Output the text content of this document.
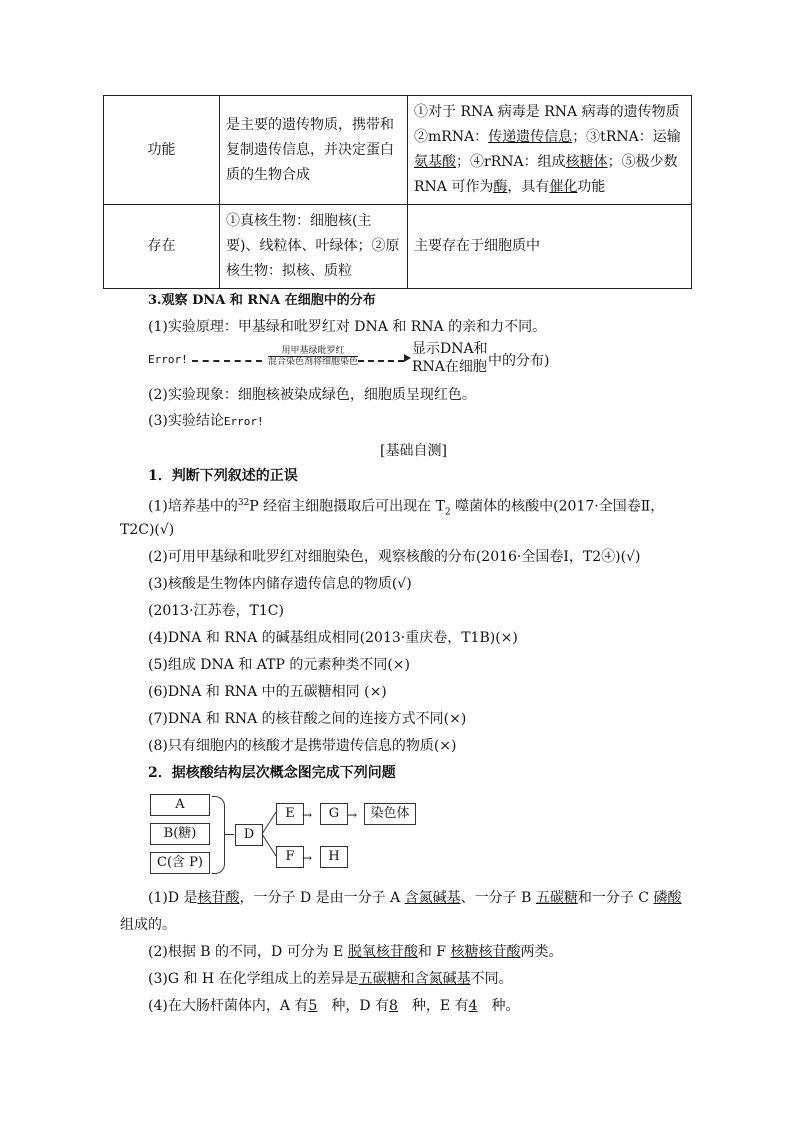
功能	是主要的遗传物质，携带和复制遗传信息，并决定蛋白质的生物合成	①对于 RNA 病毒是 RNA 病毒的遗传物质②mRNA：传递遗传信息；③tRNA：运输氨基酸；④rRNA：组成核糖体；⑤极少数 RNA 可作为酶，具有催化功能
存在	①真核生物：细胞核(主要)、线粒体、叶绿体；②原核生物：拟核、质粒	主要存在于细胞质中
3.观察 DNA 和 RNA 在细胞中的分布
(1)实验原理：甲基绿和吡罗红对 DNA 和 RNA 的亲和力不同。
Error!
用甲基绿吡罗红
混合染色剂将细胞染色
显示DNA和
RNA在细胞 中的分布)
(2)实验现象：细胞核被染成绿色，细胞质呈现红色。
(3)实验结论Error!
[基础自测]
1．判断下列叙述的正误
(1)培养基中的$^{32}$P 经宿主细胞摄取后可出现在 $T_2$ 噬菌体的核酸中(2017·全国卷Ⅱ，
T2C)(√)
(2)可用甲基绿和吡罗红对细胞染色，观察核酸的分布(2016·全国卷Ⅰ，T2④)(√)
(3)核酸是生物体内储存遗传信息的物质(√)
(2013·江苏卷，T1C)
(4)DNA 和 RNA 的碱基组成相同(2013·重庆卷，T1B)(×)
(5)组成 DNA 和 ATP 的元素种类不同(×)
(6)DNA 和 RNA 中的五碳糖相同 (×)
(7)DNA 和 RNA 的核苷酸之间的连接方式不同(×)
(8)只有细胞内的核酸才是携带遗传信息的物质(×)
2．据核酸结构层次概念图完成下列问题
A
B(糖)
C(含 P)
D
E →	G →	染色体
F →	H
(1)D 是核苷酸，一分子 D 是由一分子 A 含氮碱基、一分子 B 五碳糖和一分子 C 磷酸
组成的。
(2)根据 B 的不同，D 可分为 E 脱氧核苷酸和 F 核糖核苷酸两类。
(3)G 和 H 在化学组成上的差异是五碳糖和含氮碱基不同。
(4)在大肠杆菌体内，A 有5　种，D 有8　种，E 有4　种。
